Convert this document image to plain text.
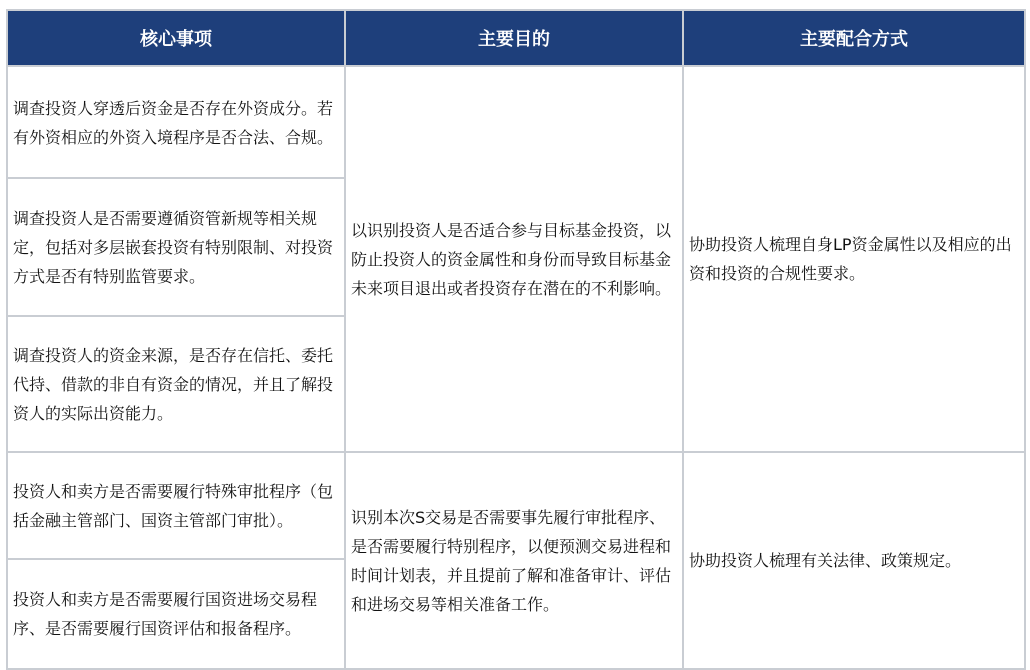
核心事项	主要目的	主要配合方式
调查投资人穿透后资金是否存在外资成分。若有外资相应的外资入境程序是否合法、合规。	以识别投资人是否适合参与目标基金投资，以防止投资人的资金属性和身份而导致目标基金未来项目退出或者投资存在潜在的不利影响。	协助投资人梳理自身LP资金属性以及相应的出资和投资的合规性要求。
调查投资人是否需要遵循资管新规等相关规定，包括对多层嵌套投资有特别限制、对投资方式是否有特别监管要求。		
调查投资人的资金来源，是否存在信托、委托代持、借款的非自有资金的情况，并且了解投资人的实际出资能力。		
投资人和卖方是否需要履行特殊审批程序（包括金融主管部门、国资主管部门审批）。	识别本次S交易是否需要事先履行审批程序、是否需要履行特别程序，以便预测交易进程和时间计划表，并且提前了解和准备审计、评估和进场交易等相关准备工作。	协助投资人梳理有关法律、政策规定。
投资人和卖方是否需要履行国资进场交易程序、是否需要履行国资评估和报备程序。		
